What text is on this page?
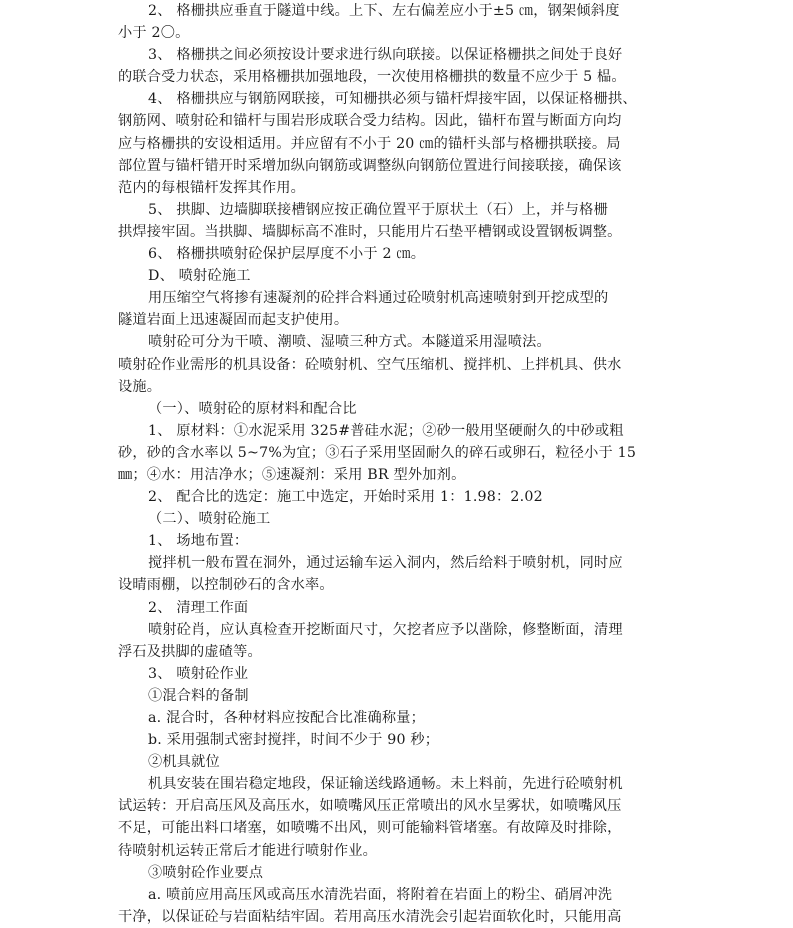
2、 格栅拱应垂直于隧道中线。上下、左右偏差应小于±5 ㎝，钢架倾斜度
小于 2〇。
3、 格栅拱之间必须按设计要求进行纵向联接。以保证格栅拱之间处于良好
的联合受力状态，采用格栅拱加强地段，一次使用格栅拱的数量不应少于 5 榀。
4、 格栅拱应与钢筋网联接，可知栅拱必须与锚杆焊接牢固，以保证格栅拱、
钢筋网、喷射砼和锚杆与围岩形成联合受力结构。因此，锚杆布置与断面方向均
应与格栅拱的安设相适用。并应留有不小于 20 ㎝的锚杆头部与格栅拱联接。局
部位置与锚杆错开时采增加纵向钢筋或调整纵向钢筋位置进行间接联接，确保该
范内的每根锚杆发挥其作用。
5、 拱脚、边墙脚联接槽钢应按正确位置平于原状土（石）上，并与格栅
拱焊接牢固。当拱脚、墙脚标高不准时，只能用片石垫平槽钢或设置钢板调整。
6、 格栅拱喷射砼保护层厚度不小于 2 ㎝。
D、 喷射砼施工
用压缩空气将掺有速凝剂的砼拌合料通过砼喷射机高速喷射到开挖成型的
隧道岩面上迅速凝固而起支护使用。
喷射砼可分为干喷、潮喷、湿喷三种方式。本隧道采用湿喷法。
喷射砼作业需彤的机具设备：砼喷射机、空气压缩机、搅拌机、上拌机具、供水
设施。
（一）、喷射砼的原材料和配合比
1、 原材料：①水泥采用 325#普硅水泥；②砂一般用坚硬耐久的中砂或粗
砂，砂的含水率以 5~7%为宜；③石子采用坚固耐久的碎石或卵石，粒径小于 15
㎜；④水：用洁净水；⑤速凝剂：采用 BR 型外加剂。
2、 配合比的选定：施工中选定，开始时采用 1：1.98：2.02
（二）、喷射砼施工
1、 场地布置：
搅拌机一般布置在洞外，通过运输车运入洞内，然后给料于喷射机，同时应
设晴雨棚，以控制砂石的含水率。
2、 清理工作面
喷射砼肖，应认真检查开挖断面尺寸，欠挖者应予以凿除，修整断面，清理
浮石及拱脚的虚碴等。
3、 喷射砼作业
①混合料的备制
a. 混合时，各种材料应按配合比准确称量；
b. 采用强制式密封搅拌，时间不少于 90 秒；
②机具就位
机具安装在围岩稳定地段，保证输送线路通畅。未上料前，先进行砼喷射机
试运转：开启高压风及高压水，如喷嘴风压正常喷出的风水呈雾状，如喷嘴风压
不足，可能出料口堵塞，如喷嘴不出风，则可能输料管堵塞。有故障及时排除，
待喷射机运转正常后才能进行喷射作业。
③喷射砼作业要点
a. 喷前应用高压风或高压水清洗岩面，将附着在岩面上的粉尘、硝屑冲洗
干净，以保证砼与岩面粘结牢固。若用高压水清洗会引起岩面软化时，只能用高
